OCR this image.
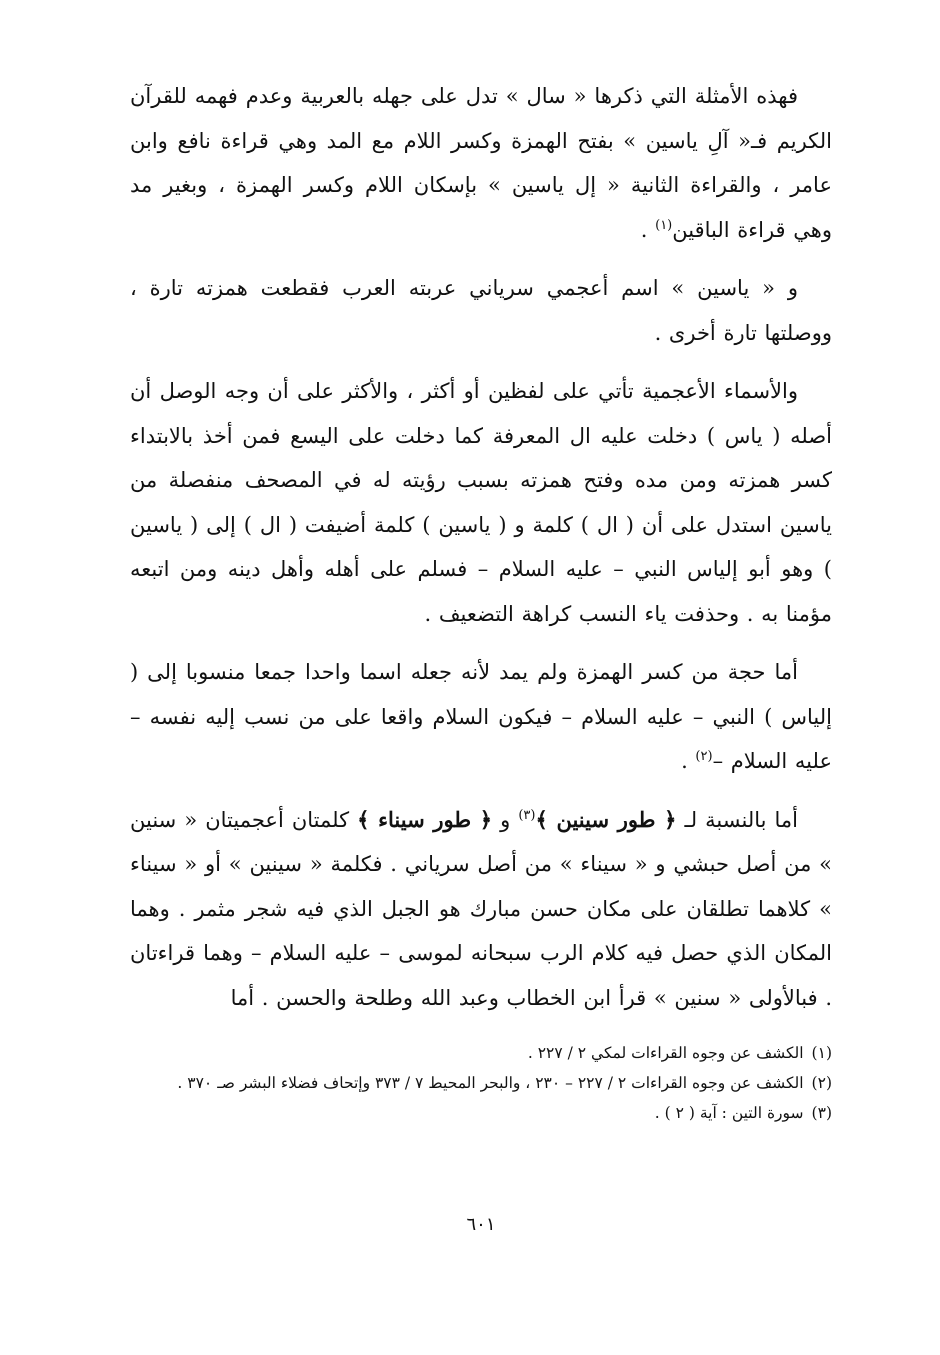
فهذه الأمثلة التي ذكرها « سال » تدل على جهله بالعربية وعدم فهمه للقرآن الكريم فـ« آلِ ياسين » بفتح الهمزة وكسر اللام مع المد وهي قراءة نافع وابن عامر ، والقراءة الثانية « إل ياسين » بإسكان اللام وكسر الهمزة ، وبغير مد وهي قراءة الباقين$^{(١)}$ .

و « ياسين » اسم أعجمي سرياني عربته العرب فقطعت همزته تارة ، ووصلتها تارة أخرى .

والأسماء الأعجمية تأتي على لفظين أو أكثر ، والأكثر على أن وجه الوصل أن أصله ( ياس ) دخلت عليه ال المعرفة كما دخلت على اليسع فمن أخذ بالابتداء كسر همزته ومن مده وفتح همزته بسبب رؤيته له في المصحف منفصلة من ياسين استدل على أن ( ال ) كلمة و ( ياسين ) كلمة أضيفت ( ال ) إلى ( ياسين ) وهو أبو إلياس النبي – عليه السلام – فسلم على أهله وأهل دينه ومن اتبعه مؤمنا به . وحذفت ياء النسب كراهة التضعيف .

أما حجة من كسر الهمزة ولم يمد لأنه جعله اسما واحدا جمعا منسوبا إلى ( إلياس ) النبي – عليه السلام – فيكون السلام واقعا على من نسب إليه نفسه – عليه السلام –$^{(٢)}$ .

أما بالنسبة لـ ﴿ طور سينين ﴾$^{(٣)}$ و ﴿ طور سيناء ﴾ كلمتان أعجميتان « سنين » من أصل حبشي و « سيناء » من أصل سرياني . فكلمة « سينين » أو « سيناء » كلاهما تطلقان على مكان حسن مبارك هو الجبل الذي فيه شجر مثمر . وهما المكان الذي حصل فيه كلام الرب سبحانه لموسى – عليه السلام – وهما قراءتان . فبالأولى « سنين » قرأ ابن الخطاب وعبد الله وطلحة والحسن . أما

(١)
الكشف عن وجوه القراءات لمكي ٢ / ٢٢٧ .
(٢)
الكشف عن وجوه القراءات ٢ / ٢٢٧ – ٢٣٠ ، والبحر المحيط ٧ / ٣٧٣ وإتحاف فضلاء البشر صـ ٣٧٠ .
(٣)
سورة التين : آية ( ٢ ) .
٦٠١
